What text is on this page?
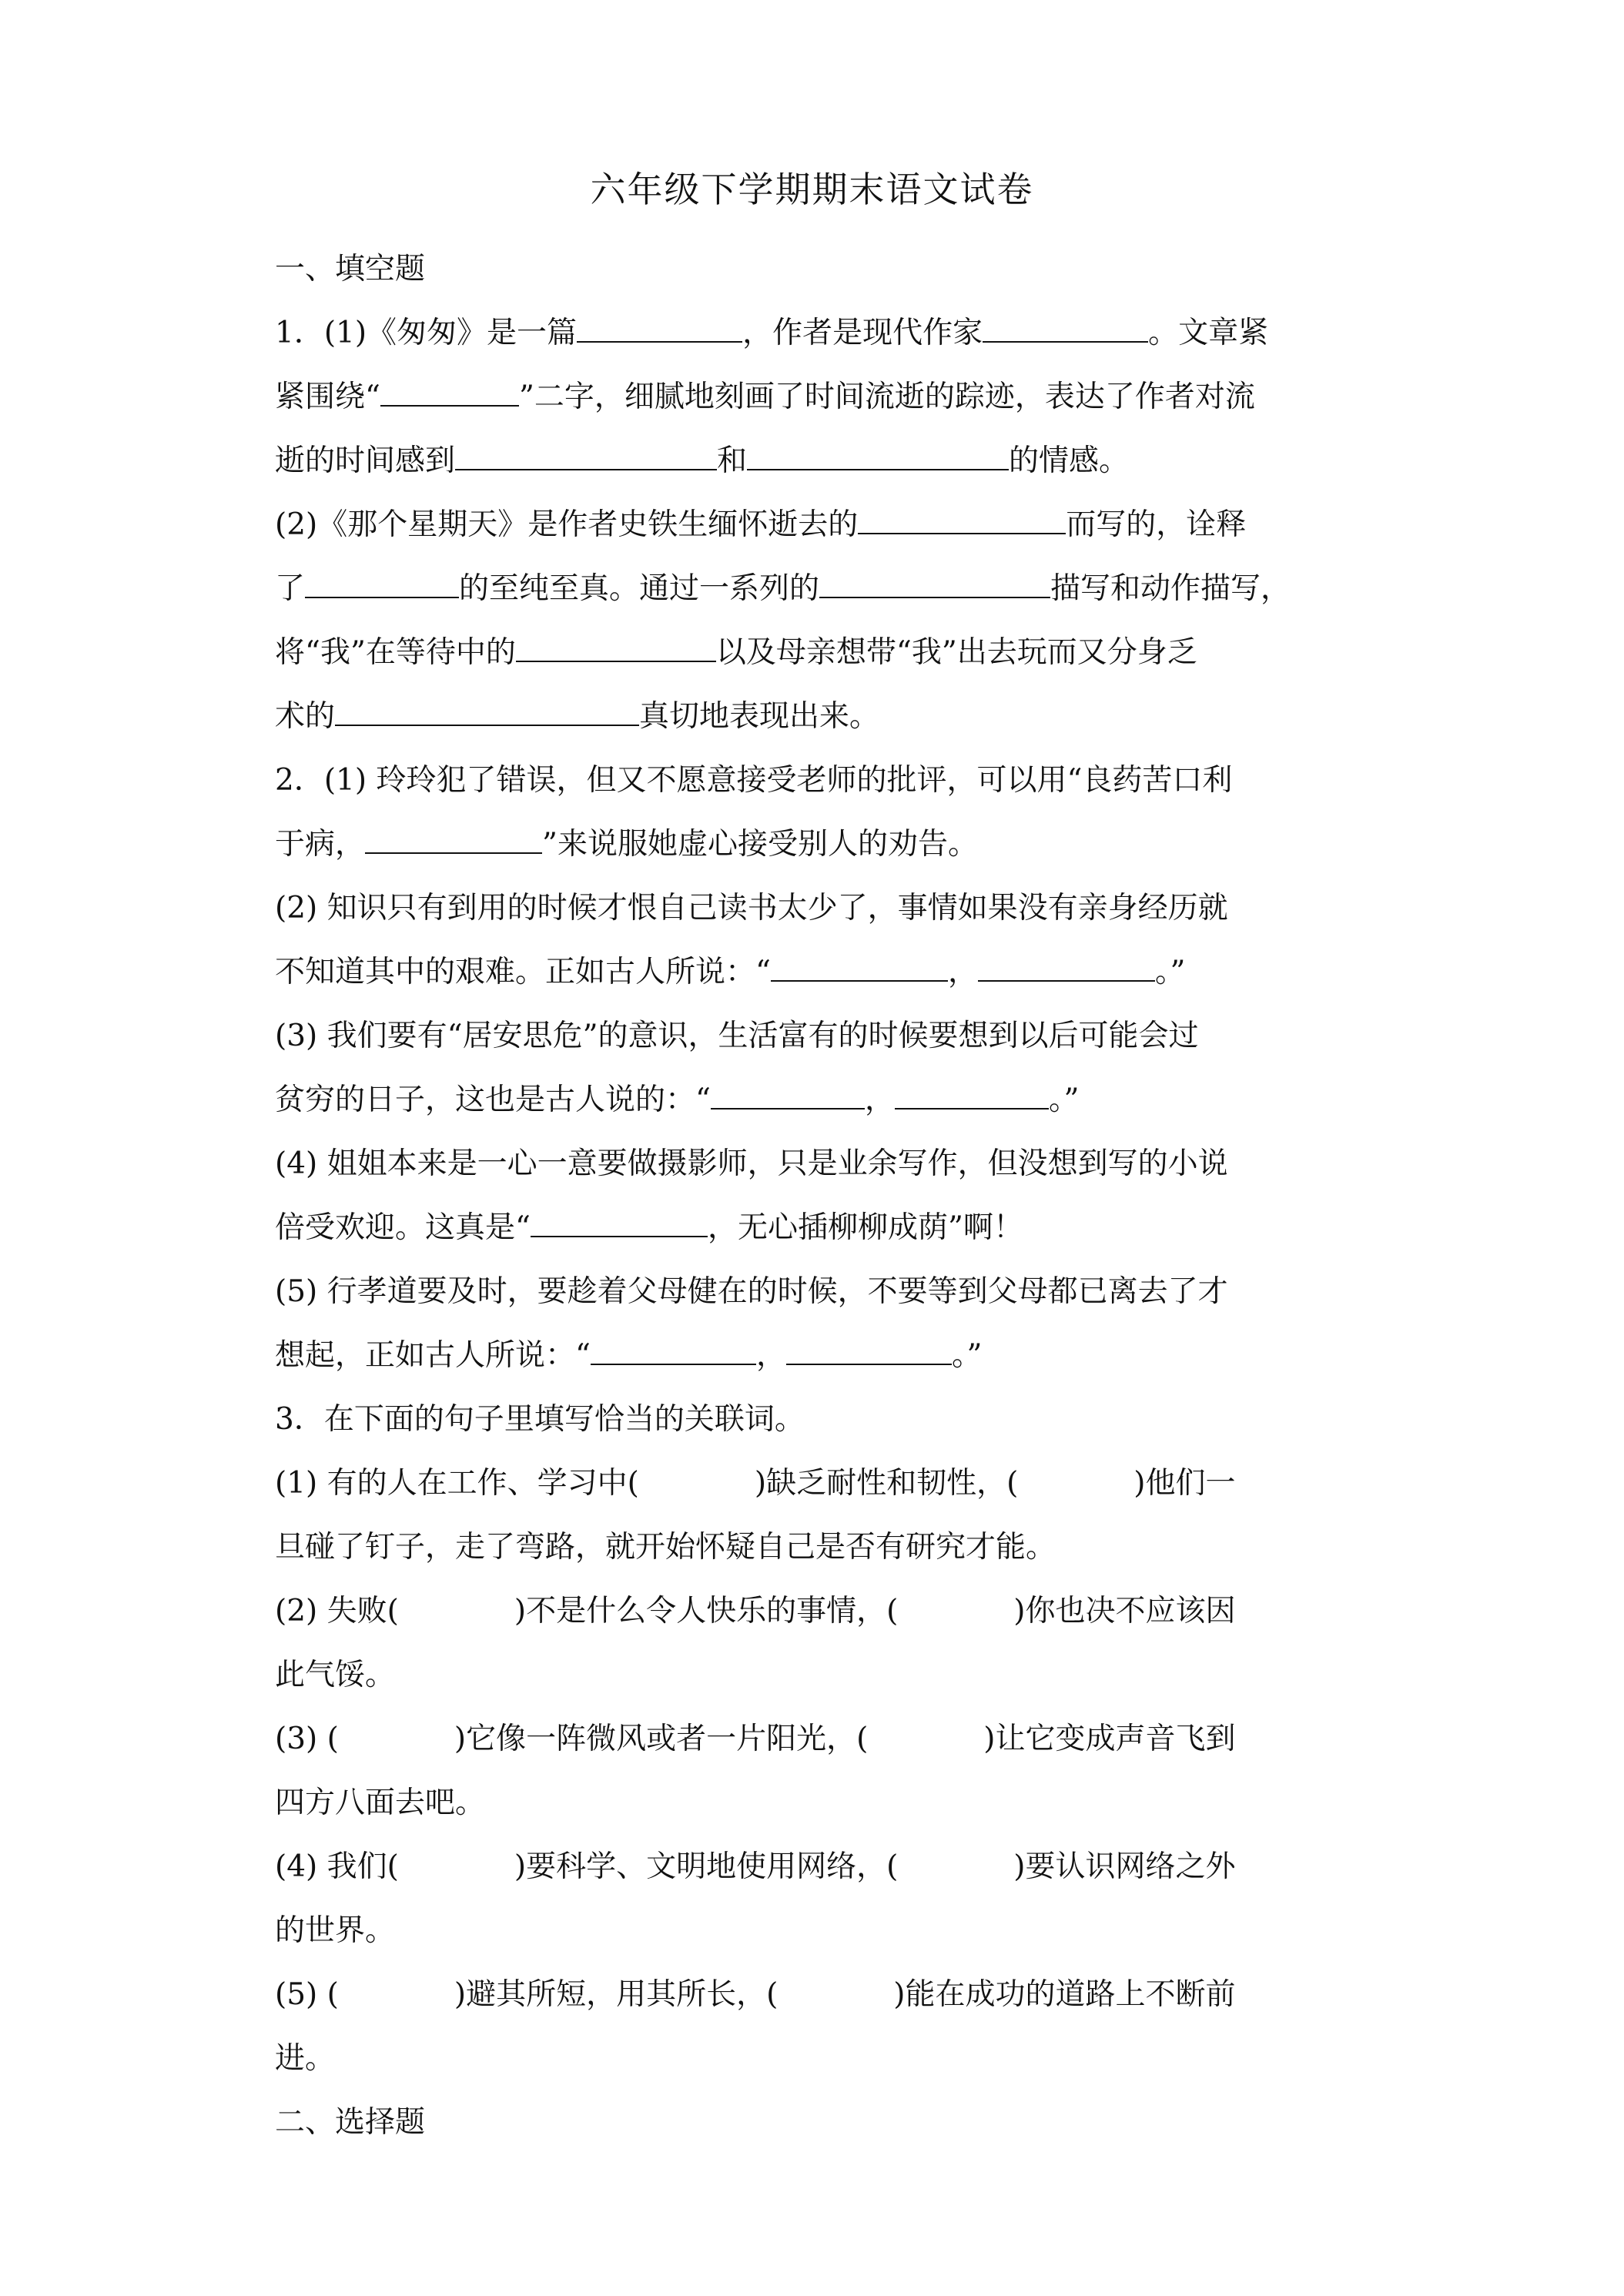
六年级下学期期末语文试卷
一、填空题
1．(1)《匆匆》是一篇	，作者是现代作家	。文章紧
紧围绕“	”二字，细腻地刻画了时间流逝的踪迹，表达了作者对流
逝的时间感到	和	的情感。
(2)《那个星期天》是作者史铁生缅怀逝去的	而写的，诠释
了	的至纯至真。通过一系列的	描写和动作描写，
将“我”在等待中的	以及母亲想带“我”出去玩而又分身乏
术的	真切地表现出来。
2．(1) 玲玲犯了错误，但又不愿意接受老师的批评，可以用“良药苦口利
于病，	”来说服她虚心接受别人的劝告。
(2) 知识只有到用的时候才恨自己读书太少了，事情如果没有亲身经历就
不知道其中的艰难。正如古人所说：“	，	。”
(3) 我们要有“居安思危”的意识，生活富有的时候要想到以后可能会过
贫穷的日子，这也是古人说的：“	，	。”
(4) 姐姐本来是一心一意要做摄影师，只是业余写作，但没想到写的小说
倍受欢迎。这真是“	，无心插柳柳成荫”啊！
(5) 行孝道要及时，要趁着父母健在的时候，不要等到父母都已离去了才
想起，正如古人所说：“	，	。”
3．在下面的句子里填写恰当的关联词。
(1) 有的人在工作、学习中(	)缺乏耐性和韧性，(	)他们一
旦碰了钉子，走了弯路，就开始怀疑自己是否有研究才能。
(2) 失败(	)不是什么令人快乐的事情，(	)你也决不应该因
此气馁。
(3) (	)它像一阵微风或者一片阳光，(	)让它变成声音飞到
四方八面去吧。
(4) 我们(	)要科学、文明地使用网络，(	)要认识网络之外
的世界。
(5) (	)避其所短，用其所长，(	)能在成功的道路上不断前
进。
二、选择题
